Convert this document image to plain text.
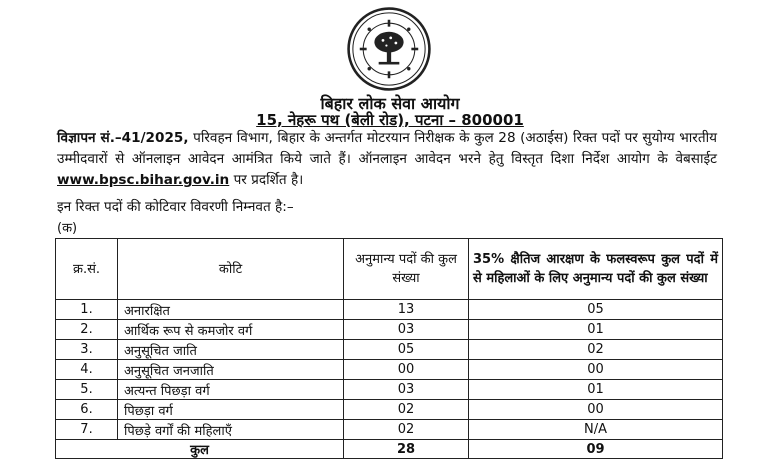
बिहार लोक सेवा आयोग
15, नेहरू पथ (बेली रोड), पटना – 800001
विज्ञापन सं.–41/2025, परिवहन विभाग, बिहार के अन्तर्गत मोटरयान निरीक्षक के कुल 28 (अठाईस) रिक्त पदों पर सुयोग्य भारतीय उम्मीदवारों से ऑनलाइन आवेदन आमंत्रित किये जाते हैं। ऑनलाइन आवेदन भरने हेतु विस्तृत दिशा निर्देश आयोग के वेबसाईट www.bpsc.bihar.gov.in पर प्रदर्शित है।
इन रिक्त पदों की कोटिवार विवरणी निम्नवत है:–
(क)
क्र.सं.	कोटि	अनुमान्य पदों की कुल संख्या	35% क्षैतिज आरक्षण के फलस्वरूप कुल पदों में से महिलाओं के लिए अनुमान्य पदों की कुल संख्या
1.	अनारक्षित	13	05
2.	आर्थिक रूप से कमजोर वर्ग	03	01
3.	अनुसूचित जाति	05	02
4.	अनुसूचित जनजाति	00	00
5.	अत्यन्त पिछड़ा वर्ग	03	01
6.	पिछड़ा वर्ग	02	00
7.	पिछड़े वर्गों की महिलाएँ	02	N/A
कुल		28	09
